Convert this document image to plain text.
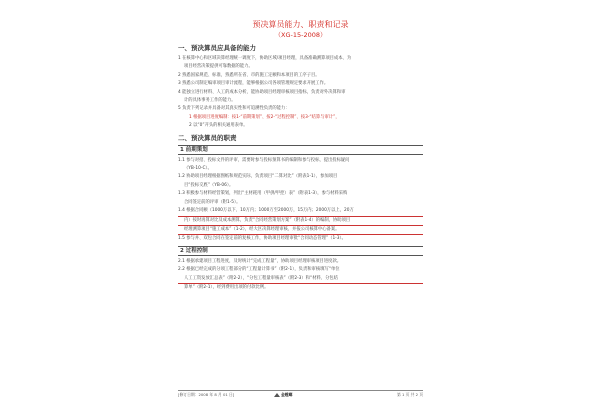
预决算员能力、职责和记录
（XG-15-2008）
一、预决算员应具备的能力
1 在核算中心和区域决算经理统一调度下，协助区域/项目经理，具备准确测算项目成本、为
项目经营决策提供可靠数据的能力。
2 熟悉国家规范、标准，熟悉所在省、市的施工定额和本项目的工序子目。
3 熟悉公司制定编审项目审计流程，能够根据公司各项管理规定要求开展工作。
4 能独立进行材料、人工的成本分析，能协助项目经理审核项目指标，负责对外决算和审
计的具体事务工作的能力。
5 负责下列记录并具备对其真实性和可追溯性负责的能力：
1 根据项目进度编制：按1-“前期策划”、按2-“过程控制”、按3-“结算与审计”，
2 以“0”开头的相关通用表单。
二、预决算员的职责
1 前期策划
1.1 参与对招、投标文件的评审，需要时参与投标预算书的编制和参与投标，提出投标疑问
（YB-10-C）。
1.2 协助项目经理根据图纸和规范实际，负责项目“二算对比”（附表1-1），参加项目
目“投标交底”（YB-06）。
1.3 积极参与材料经营策划，列出“主材耗用（甲供/甲控）表”（附表1-3），参与材料采购
合同签定前的评审（附1-5）。
1.4 根据合同额（1000万以下、10万内；1000万至2000万，15万内；2000万以上，20万
内）按时再算对比及成本测算，负责“合同经营策划方案”（附表1-4）的编制，协助项目
经理测算项目“施工成本”（1-2），经大区决算经理审核，并报公司核算中心备案。
1.5 参与并、双包合同在签定前的复核工作，协助项目经理审批“合同动态管理”（1-3）。
2 过程控制
2.1 根据承建项目工程进度，及时统计“完成工程量”，协助项目经理审核项目进度款。
2.2 根据已经完成的分项工程部分的“工程量计算书”（附2-1），负责和审核填写“单位
人工工资发放汇总表”（附2-2），“分包工程量审核表”（附2-3）和“材料、分包结
算单”（附2-1），经到费用出项的付款比例。
[修订日期：2008 年 8 月 01 日]	金螳螂	第 1 页 共 2 页
